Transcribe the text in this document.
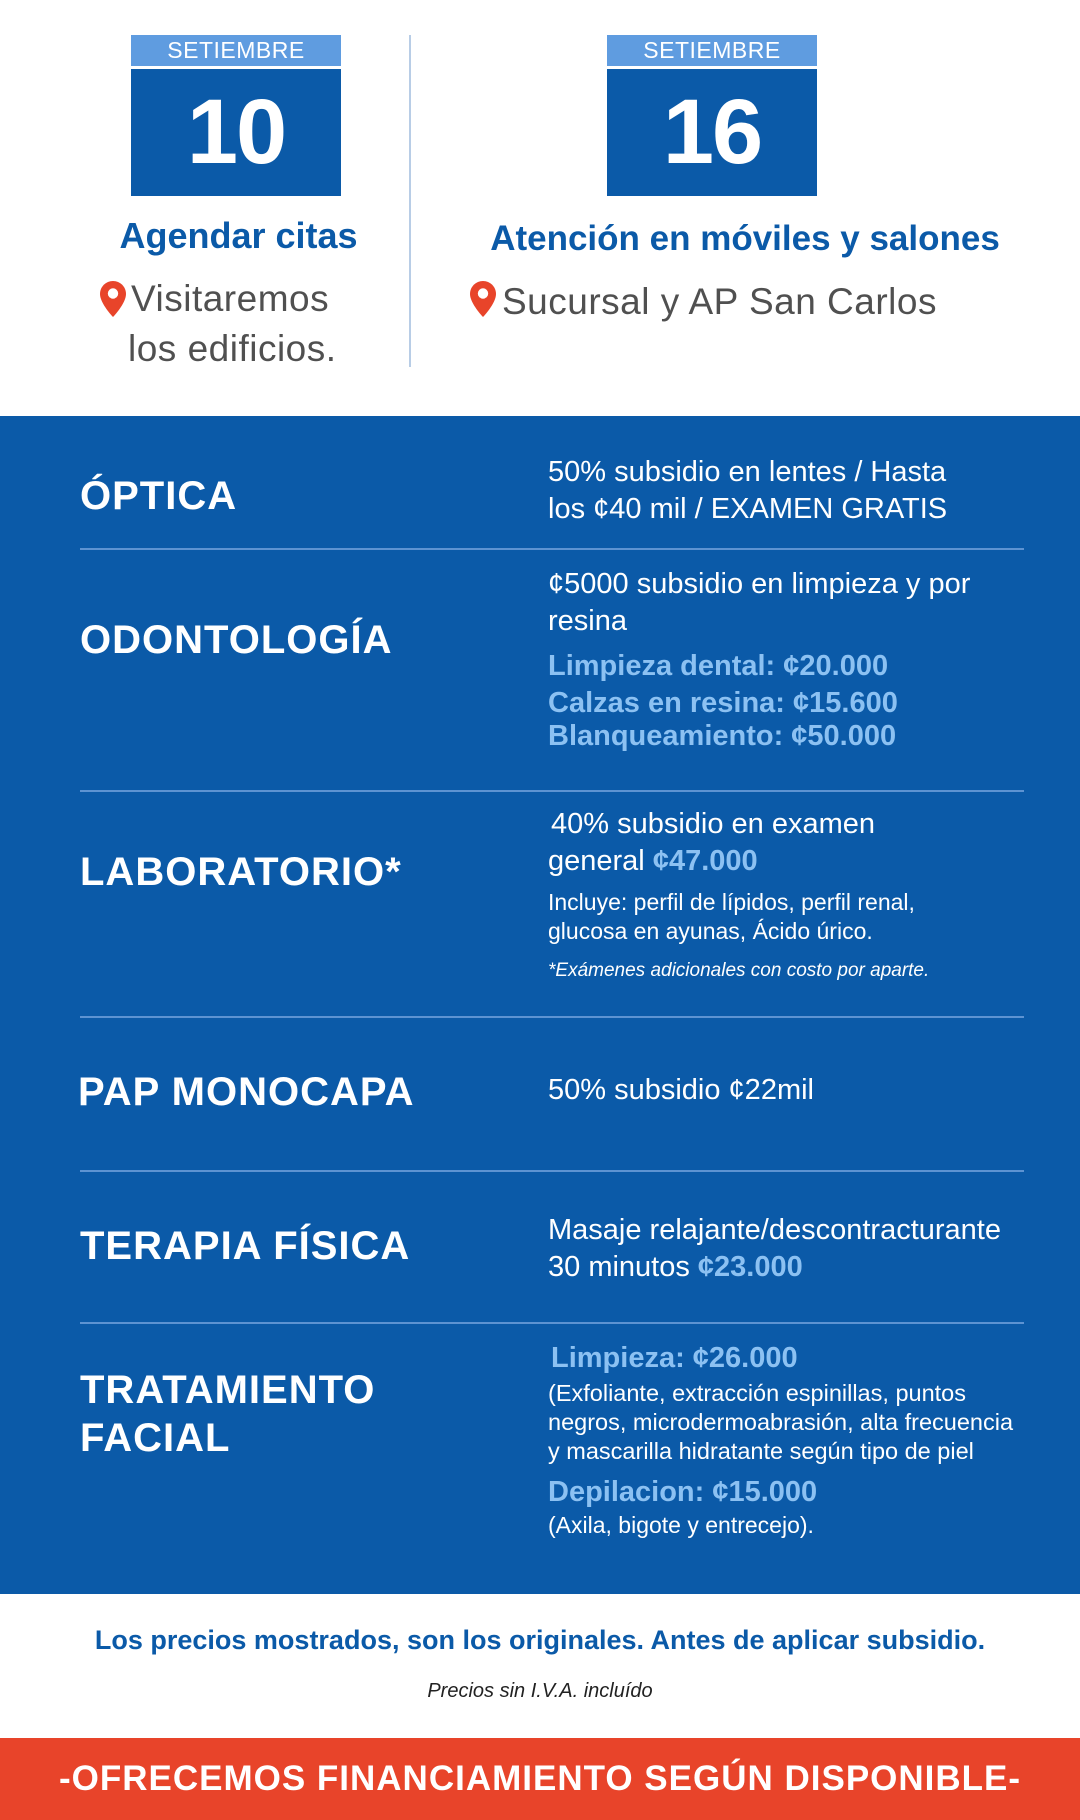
SETIEMBRE
10
Agendar citas
Visitaremos
los edificios.
SETIEMBRE
16
Atención en móviles y salones
Sucursal y AP San Carlos
ÓPTICA
50% subsidio en lentes / Hasta
los ¢40 mil / EXAMEN GRATIS
ODONTOLOGÍA
¢5000 subsidio en limpieza y por
resina
Limpieza dental: ¢20.000
Calzas en resina: ¢15.600
Blanqueamiento: ¢50.000
LABORATORIO*
40% subsidio en examen
general ¢47.000
Incluye: perfil de lípidos, perfil renal,
glucosa en ayunas, Ácido úrico.
*Exámenes adicionales con costo por aparte.
PAP MONOCAPA	50% subsidio ¢22mil
TERAPIA FÍSICA	Masaje relajante/descontracturante
30 minutos ¢23.000
TRATAMIENTO
FACIAL
Limpieza: ¢26.000
(Exfoliante, extracción espinillas, puntos
negros, microdermoabrasión, alta frecuencia
y mascarilla hidratante según tipo de piel
Depilacion: ¢15.000
(Axila, bigote y entrecejo).
Los precios mostrados, son los originales. Antes de aplicar subsidio.
Precios sin I.V.A. incluído
-OFRECEMOS FINANCIAMIENTO SEGÚN DISPONIBLE-
